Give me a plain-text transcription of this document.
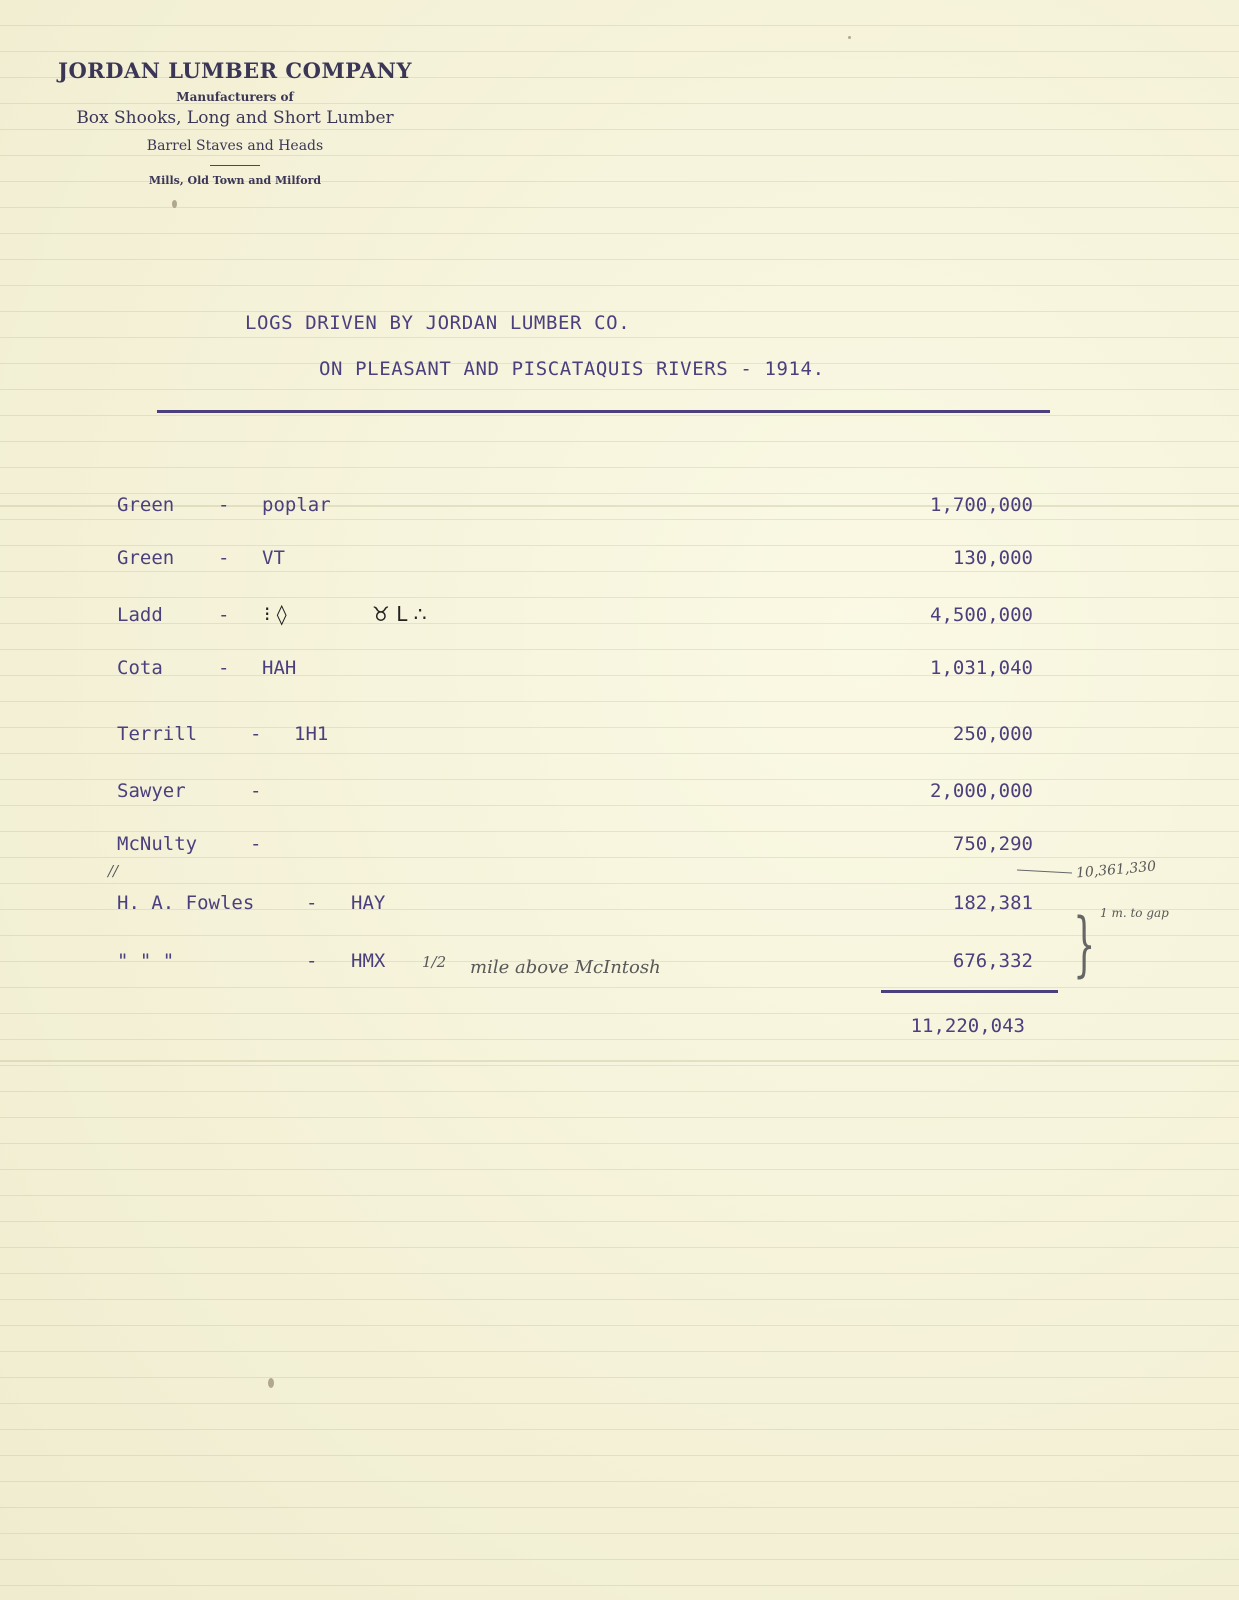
JORDAN LUMBER COMPANY
Manufacturers of
Box Shooks, Long and Short Lumber
Barrel Staves and Heads
Mills, Old Town and Milford
LOGS DRIVEN BY JORDAN LUMBER CO.
ON PLEASANT AND PISCATAQUIS RIVERS - 1914.
Green - poplar	1,700,000
Green - VT	130,000
Ladd	- ⁝ ◊	♉ L ∴	4,500,000
Cota	- HAH	1,031,040
Terrill	- 1H1	250,000
Sawyer	-	2,000,000
McNulty	-	750,290
H. A. Fowles	- HAY	182,381
" " "	- HMX	676,332
11,220,043
1/2 mile above McIntosh
10,361,330
1 m. to gap
//
}
